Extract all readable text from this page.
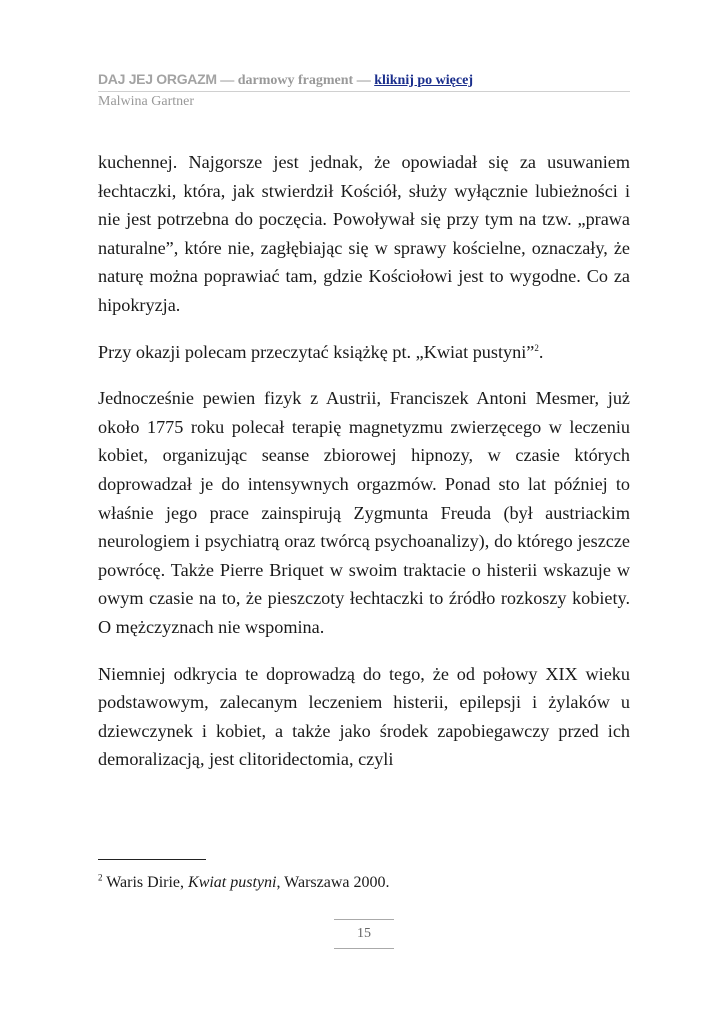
DAJ JEJ ORGAZM — darmowy fragment — kliknij po więcej
Malwina Gartner

kuchennej. Najgorsze jest jednak, że opowiadał się za usuwaniem łechtaczki, która, jak stwierdził Kościół, służy wyłącznie lubieżności i nie jest potrzebna do poczęcia. Powoływał się przy tym na tzw. „prawa naturalne”, które nie, zagłębiając się w sprawy kościelne, oznaczały, że naturę można poprawiać tam, gdzie Kościołowi jest to wygodne. Co za hipokryzja.

Przy okazji polecam przeczytać książkę pt. „Kwiat pustyni”$^2$.

Jednocześnie pewien fizyk z Austrii, Franciszek Antoni Mesmer, już około 1775 roku polecał terapię magnetyzmu zwierzęcego w leczeniu kobiet, organizując seanse zbiorowej hipnozy, w czasie których doprowadzał je do intensywnych orgazmów. Ponad sto lat później to właśnie jego prace zainspirują Zygmunta Freuda (był austriackim neurologiem i psychiatrą oraz twórcą psychoanalizy), do którego jeszcze powrócę. Także Pierre Briquet w swoim traktacie o histerii wskazuje w owym czasie na to, że pieszczoty łechtaczki to źródło rozkoszy kobiety. O mężczyznach nie wspomina.

Niemniej odkrycia te doprowadzą do tego, że od połowy XIX wieku podstawowym, zalecanym leczeniem histerii, epilepsji i żylaków u dziewczynek i kobiet, a także jako środek zapobiegawczy przed ich demoralizacją, jest clitoridectomia, czyli

$^2$ Waris Dirie, Kwiat pustyni, Warszawa 2000.
15
